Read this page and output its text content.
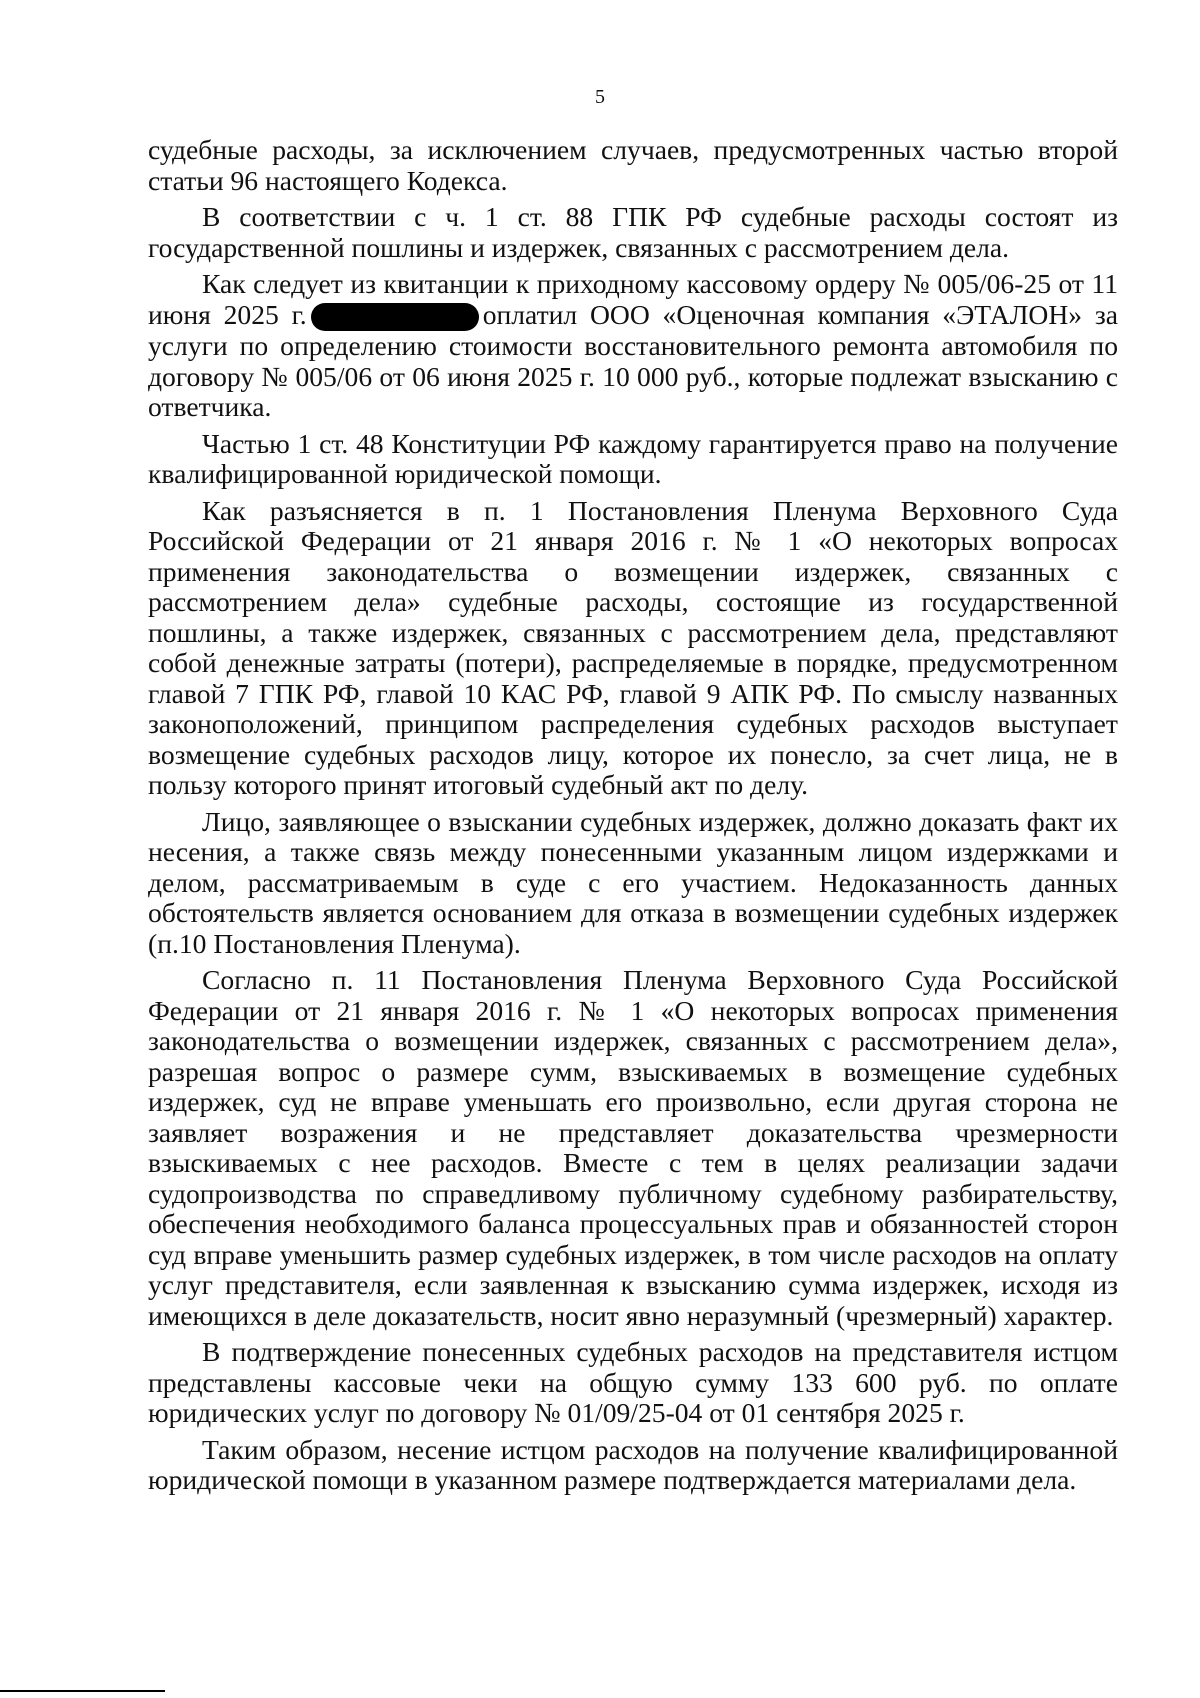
5

судебные расходы, за исключением случаев, предусмотренных частью второй статьи 96 настоящего Кодекса.

В соответствии с ч. 1 ст. 88 ГПК РФ судебные расходы состоят из государственной пошлины и издержек, связанных с рассмотрением дела.

Как следует из квитанции к приходному кассовому ордеру № 005/06-25 от 11 июня 2025 г.	оплатил ООО «Оценочная компания «ЭТАЛОН» за услуги по определению стоимости восстановительного ремонта автомобиля по договору № 005/06 от 06 июня 2025 г. 10 000 руб., которые подлежат взысканию с ответчика.

Частью 1 ст. 48 Конституции РФ каждому гарантируется право на получение квалифицированной юридической помощи.

Как разъясняется в п. 1 Постановления Пленума Верховного Суда Российской Федерации от 21 января 2016 г. № 1 «О некоторых вопросах применения законодательства о возмещении издержек, связанных с рассмотрением дела» судебные расходы, состоящие из государственной пошлины, а также издержек, связанных с рассмотрением дела, представляют собой денежные затраты (потери), распределяемые в порядке, предусмотренном главой 7 ГПК РФ, главой 10 КАС РФ, главой 9 АПК РФ. По смыслу названных законоположений, принципом распределения судебных расходов выступает возмещение судебных расходов лицу, которое их понесло, за счет лица, не в пользу которого принят итоговый судебный акт по делу.

Лицо, заявляющее о взыскании судебных издержек, должно доказать факт их несения, а также связь между понесенными указанным лицом издержками и делом, рассматриваемым в суде с его участием. Недоказанность данных обстоятельств является основанием для отказа в возмещении судебных издержек (п.10 Постановления Пленума).

Согласно п. 11 Постановления Пленума Верховного Суда Российской Федерации от 21 января 2016 г. № 1 «О некоторых вопросах применения законодательства о возмещении издержек, связанных с рассмотрением дела», разрешая вопрос о размере сумм, взыскиваемых в возмещение судебных издержек, суд не вправе уменьшать его произвольно, если другая сторона не заявляет возражения и не представляет доказательства чрезмерности взыскиваемых с нее расходов. Вместе с тем в целях реализации задачи судопроизводства по справедливому публичному судебному разбирательству, обеспечения необходимого баланса процессуальных прав и обязанностей сторон суд вправе уменьшить размер судебных издержек, в том числе расходов на оплату услуг представителя, если заявленная к взысканию сумма издержек, исходя из имеющихся в деле доказательств, носит явно неразумный (чрезмерный) характер.

В подтверждение понесенных судебных расходов на представителя истцом представлены кассовые чеки на общую сумму 133 600 руб. по оплате юридических услуг по договору № 01/09/25-04 от 01 сентября 2025 г.

Таким образом, несение истцом расходов на получение квалифицированной юридической помощи в указанном размере подтверждается материалами дела.
